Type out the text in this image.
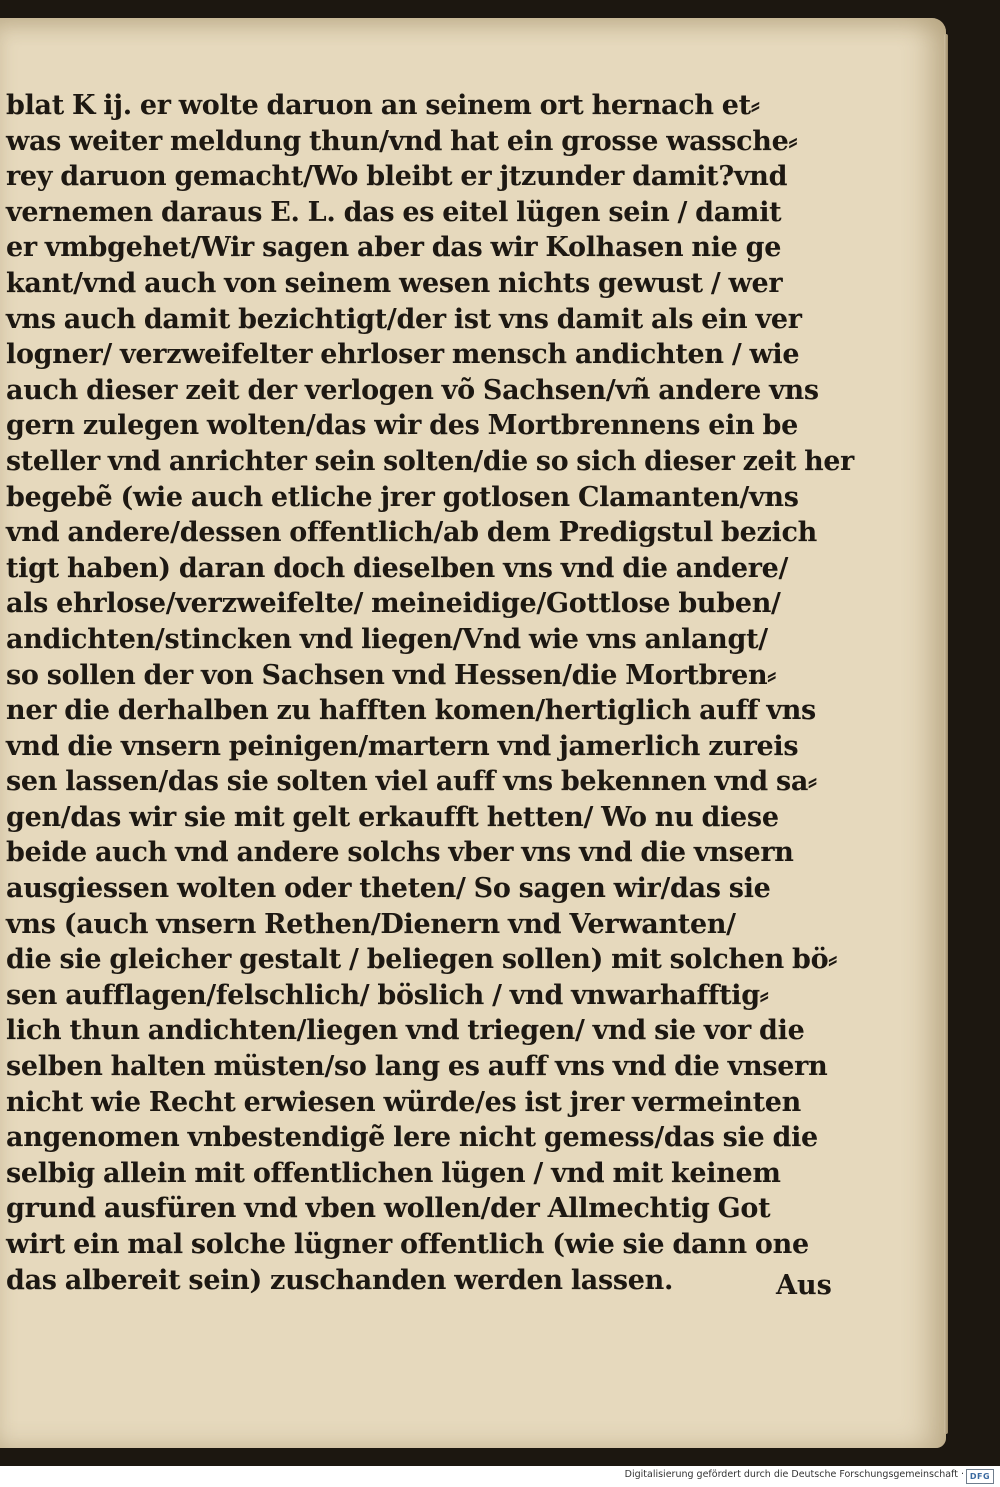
blat K ij. er wolte daruon an seinem ort hernach et⸗
was weiter meldung thun/vnd hat ein grosse wassche⸗
rey daruon gemacht/Wo bleibt er jtzunder damit?vnd
vernemen daraus E. L. das es eitel lügen sein / damit
er vmbgehet/Wir sagen aber das wir Kolhasen nie ge
kant/vnd auch von seinem wesen nichts gewust / wer
vns auch damit bezichtigt/der ist vns damit als ein ver
logner/ verzweifelter ehrloser mensch andichten / wie
auch dieser zeit der verlogen võ Sachsen/vñ andere vns
gern zulegen wolten/das wir des Mortbrennens ein be
steller vnd anrichter sein solten/die so sich dieser zeit her
begebẽ (wie auch etliche jrer gotlosen Clamanten/vns
vnd andere/dessen offentlich/ab dem Predigstul bezich
tigt haben) daran doch dieselben vns vnd die andere/
als ehrlose/verzweifelte/ meineidige/Gottlose buben/
andichten/stincken vnd liegen/Vnd wie vns anlangt/
so sollen der von Sachsen vnd Hessen/die Mortbren⸗
ner die derhalben zu hafften komen/hertiglich auff vns
vnd die vnsern peinigen/martern vnd jamerlich zureis
sen lassen/das sie solten viel auff vns bekennen vnd sa⸗
gen/das wir sie mit gelt erkaufft hetten/ Wo nu diese
beide auch vnd andere solchs vber vns vnd die vnsern
ausgiessen wolten oder theten/ So sagen wir/das sie
vns (auch vnsern Rethen/Dienern vnd Verwanten/
die sie gleicher gestalt / beliegen sollen) mit solchen bö⸗
sen aufflagen/felschlich/ böslich / vnd vnwarhafftig⸗
lich thun andichten/liegen vnd triegen/ vnd sie vor die
selben halten müsten/so lang es auff vns vnd die vnsern
nicht wie Recht erwiesen würde/es ist jrer vermeinten
angenomen vnbestendigẽ lere nicht gemess/das sie die
selbig allein mit offentlichen lügen / vnd mit keinem
grund ausfüren vnd vben wollen/der Allmechtig Got
wirt ein mal solche lügner offentlich (wie sie dann one
das albereit sein) zuschanden werden lassen.	Aus
Digitalisierung gefördert durch die Deutsche Forschungsgemeinschaft · DFG
